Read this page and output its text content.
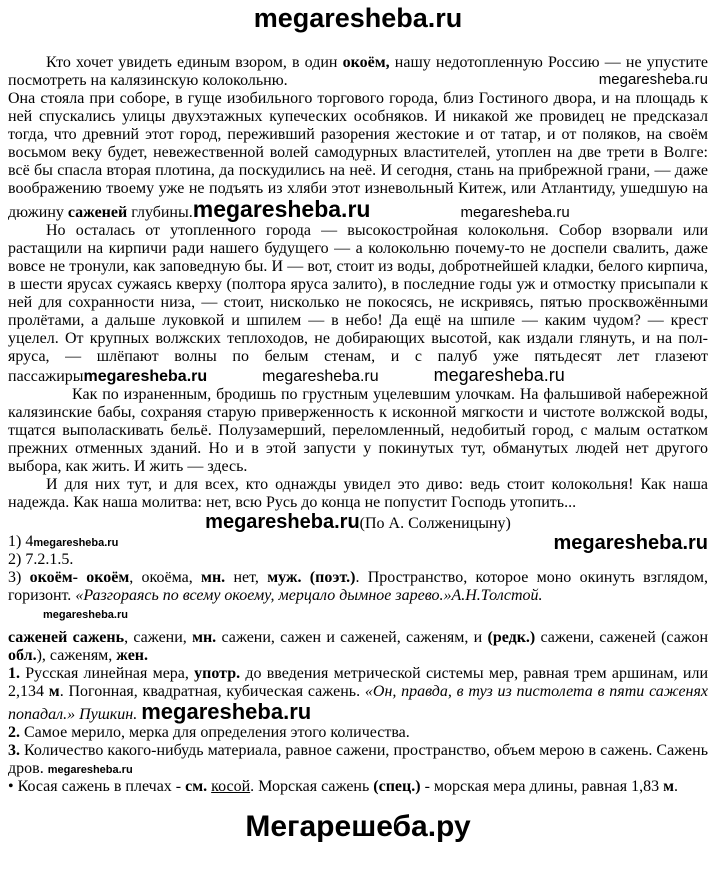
megaresheba.ru
Кто хочет увидеть единым взором, в один окоём, нашу недотопленную Россию — не упустите посмотреть на калязинскую колокольню.	megaresheba.ru
Она стояла при соборе, в гуще изобильного торгового города, близ Гостиного двора, и на площадь к ней спускались улицы двухэтажных купеческих особняков. И никакой же провидец не предсказал тогда, что древний этот город, переживший разорения жестокие и от татар, и от поляков, на своём восьмом веку будет, невежественной волей самодурных властителей, утоплен на две трети в Волге: всё бы спасла вторая плотина, да поскудились на неё. И сегодня, стань на прибрежной грани, — даже воображению твоему уже не подъять из хляби этот изневольный Китеж, или Атлантиду, ушедшую на дюжину саженей глубины.megaresheba.ru	megaresheba.ru
Но осталась от утопленного города — высокостройная колокольня. Собор взорвали или растащили на кирпичи ради нашего будущего — а колокольню почему-то не доспели свалить, даже вовсе не тронули, как заповедную бы. И — вот, стоит из воды, добротнейшей кладки, белого кирпича, в шести ярусах сужаясь кверху (полтора яруса залито), в последние годы уж и отмостку присыпали к ней для сохранности низа, — стоит, нисколько не покосясь, не искривясь, пятью просквожёнными пролётами, а дальше луковкой и шпилем — в небо! Да ещё на шпиле — каким чудом? — крест уцелел. От крупных волжских теплоходов, не добирающих высотой, как издали глянуть, и на пол-яруса, — шлёпают волны по белым стенам, и с палуб уже пятьдесят лет глазеют пассажирыmegaresheba.ru	megaresheba.ru	megaresheba.ru
Как по израненным, бродишь по грустным уцелевшим улочкам. На фальшивой набережной калязинские бабы, сохраняя старую приверженность к исконной мягкости и чистоте волжской воды, тщатся выполаскивать бельё. Полузамерший, переломленный, недобитый город, с малым остатком прежних отменных зданий. Но и в этой запусти у покинутых тут, обманутых людей нет другого выбора, как жить. И жить — здесь.
И для них тут, и для всех, кто однажды увидел это диво: ведь стоит колокольня! Как наша надежда. Как наша молитва: нет, всю Русь до конца не попустит Господь утопить...
megaresheba.ru(По А. Солженицыну)
megaresheba.ru
1) 4megaresheba.ru
2) 7.2.1.5.
3) окоём- окоём, окоёма, мн. нет, муж. (поэт.). Пространство, которое моно окинуть взглядом, горизонт. «Разгораясь по всему окоему, мерцало дымное зарево.»А.Н.Толстой.
megaresheba.ru
саженей сажень, сажени, мн. сажени, сажен и саженей, саженям, и (редк.) сажени, саженей (сажон обл.), саженям, жен.
1. Русская линейная мера, употр. до введения метрической системы мер, равная трем аршинам, или 2,134 м. Погонная, квадратная, кубическая сажень. «Он, правда, в туз из пистолета в пяти саженях попадал.» Пушкин. megaresheba.ru
2. Самое мерило, мерка для определения этого количества.
3. Количество какого-нибудь материала, равное сажени, пространство, объем мерою в сажень. Сажень дров. megaresheba.ru
• Косая сажень в плечах - см. косой. Морская сажень (спец.) - морская мера длины, равная 1,83 м.
Мегарешеба.ру
